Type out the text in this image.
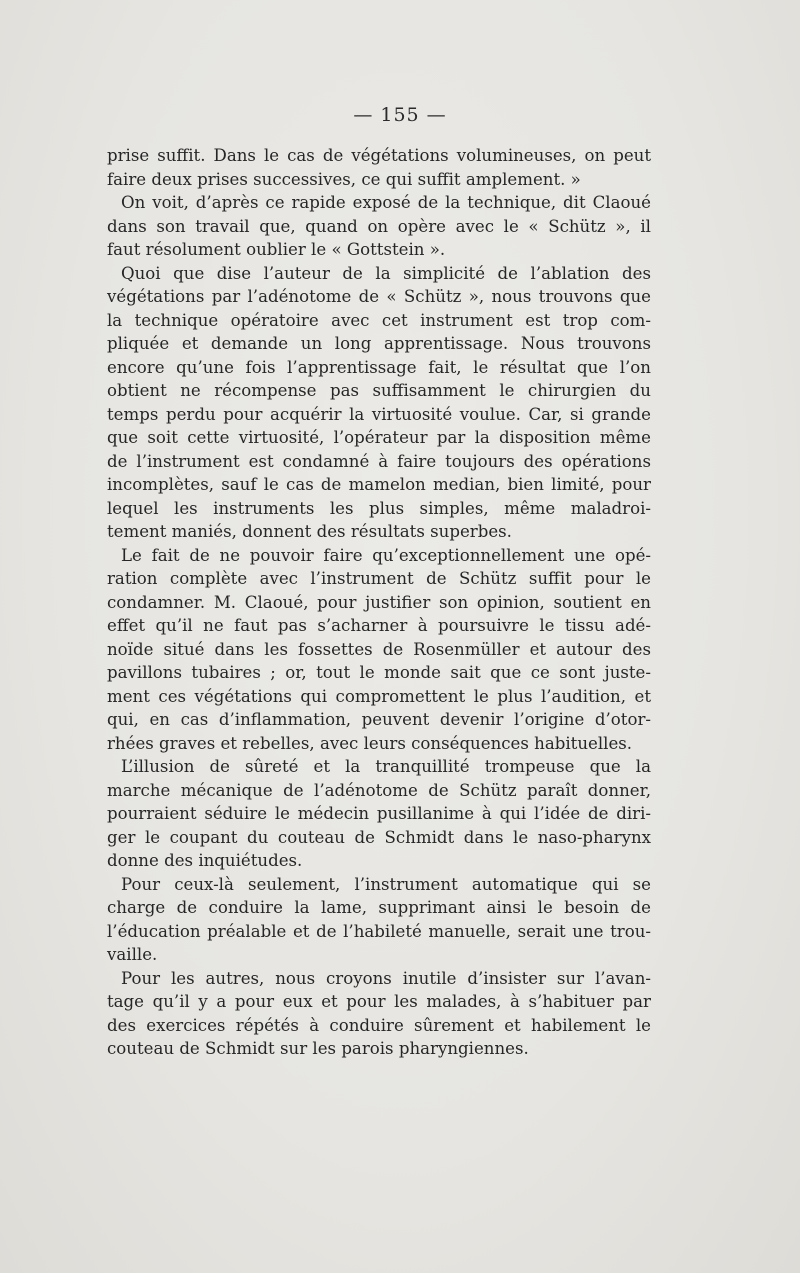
— 155 —
prise suffit. Dans le cas de végétations volumineuses, on peut
faire deux prises successives, ce qui suffit amplement. »
On voit, d’après ce rapide exposé de la technique, dit Claoué
dans son travail que, quand on opère avec le « Schütz », il
faut résolument oublier le « Gottstein ».
Quoi que dise l’auteur de la simplicité de l’ablation des
végétations par l’adénotome de « Schütz », nous trouvons que
la technique opératoire avec cet instrument est trop com-
pliquée et demande un long apprentissage. Nous trouvons
encore qu’une fois l’apprentissage fait, le résultat que l’on
obtient ne récompense pas suffisamment le chirurgien du
temps perdu pour acquérir la virtuosité voulue. Car, si grande
que soit cette virtuosité, l’opérateur par la disposition même
de l’instrument est condamné à faire toujours des opérations
incomplètes, sauf le cas de mamelon median, bien limité, pour
lequel les instruments les plus simples, même maladroi-
tement maniés, donnent des résultats superbes.
Le fait de ne pouvoir faire qu’exceptionnellement une opé-
ration complète avec l’instrument de Schütz suffit pour le
condamner. M. Claoué, pour justifier son opinion, soutient en
effet qu’il ne faut pas s’acharner à poursuivre le tissu adé-
noïde situé dans les fossettes de Rosenmüller et autour des
pavillons tubaires ; or, tout le monde sait que ce sont juste-
ment ces végétations qui compromettent le plus l’audition, et
qui, en cas d’inflammation, peuvent devenir l’origine d’otor-
rhées graves et rebelles, avec leurs conséquences habituelles.
L’illusion de sûreté et la tranquillité trompeuse que la
marche mécanique de l’adénotome de Schütz paraît donner,
pourraient séduire le médecin pusillanime à qui l’idée de diri-
ger le coupant du couteau de Schmidt dans le naso-pharynx
donne des inquiétudes.
Pour ceux-là seulement, l’instrument automatique qui se
charge de conduire la lame, supprimant ainsi le besoin de
l’éducation préalable et de l’habileté manuelle, serait une trou-
vaille.
Pour les autres, nous croyons inutile d’insister sur l’avan-
tage qu’il y a pour eux et pour les malades, à s’habituer par
des exercices répétés à conduire sûrement et habilement le
couteau de Schmidt sur les parois pharyngiennes.
